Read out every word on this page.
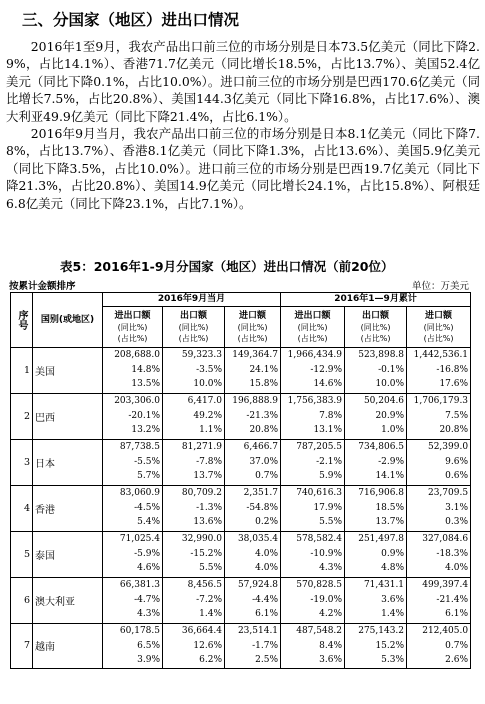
三、分国家（地区）进出口情况

2016年1至9月，我农产品出口前三位的市场分别是日本73.5亿美元（同比下降2.9%，占比14.1%）、香港71.7亿美元（同比增长18.5%，占比13.7%）、美国52.4亿美元（同比下降0.1%，占比10.0%）。进口前三位的市场分别是巴西170.6亿美元（同比增长7.5%，占比20.8%）、美国144.3亿美元（同比下降16.8%，占比17.6%）、澳大利亚49.9亿美元（同比下降21.4%，占比6.1%）。

2016年9月当月，我农产品出口前三位的市场分别是日本8.1亿美元（同比下降7.8%，占比13.7%）、香港8.1亿美元（同比下降1.3%，占比13.6%）、美国5.9亿美元（同比下降3.5%，占比10.0%）。进口前三位的市场分别是巴西19.7亿美元（同比下降21.3%，占比20.8%）、美国14.9亿美元（同比增长24.1%，占比15.8%）、阿根廷6.8亿美元（同比下降23.1%，占比7.1%）。

表5：2016年1-9月分国家（地区）进出口情况（前20位）
按累计金额排序	单位：万美元
序号	国别(或地区)	2016年9月当月			2016年1—9月累计		
		进出口额
(同比%)
(占比%)	出口额
(同比%)
(占比%)	进口额
(同比%)
(占比%)	进出口额
(同比%)
(占比%)	出口额
(同比%)
(占比%)	进口额
(同比%)
(占比%)

1	美国	208,688.0
14.8%
13.5%	59,323.3
-3.5%
10.0%	149,364.7
24.1%
15.8%	1,966,434.9
-12.9%
14.6%	523,898.8
-0.1%
10.0%	1,442,536.1
-16.8%
17.6%

2	巴西	203,306.0
-20.1%
13.2%	6,417.0
49.2%
1.1%	196,888.9
-21.3%
20.8%	1,756,383.9
7.8%
13.1%	50,204.6
20.9%
1.0%	1,706,179.3
7.5%
20.8%

3	日本	87,738.5
-5.5%
5.7%	81,271.9
-7.8%
13.7%	6,466.7
37.0%
0.7%	787,205.5
-2.1%
5.9%	734,806.5
-2.9%
14.1%	52,399.0
9.6%
0.6%

4	香港	83,060.9
-4.5%
5.4%	80,709.2
-1.3%
13.6%	2,351.7
-54.8%
0.2%	740,616.3
17.9%
5.5%	716,906.8
18.5%
13.7%	23,709.5
3.1%
0.3%

5	泰国	71,025.4
-5.9%
4.6%	32,990.0
-15.2%
5.5%	38,035.4
4.0%
4.0%	578,582.4
-10.9%
4.3%	251,497.8
0.9%
4.8%	327,084.6
-18.3%
4.0%

6	澳大利亚	66,381.3
-4.7%
4.3%	8,456.5
-7.2%
1.4%	57,924.8
-4.4%
6.1%	570,828.5
-19.0%
4.2%	71,431.1
3.6%
1.4%	499,397.4
-21.4%
6.1%

7	越南	60,178.5
6.5%
3.9%	36,664.4
12.6%
6.2%	23,514.1
-1.7%
2.5%	487,548.2
8.4%
3.6%	275,143.2
15.2%
5.3%	212,405.0
0.7%
2.6%
